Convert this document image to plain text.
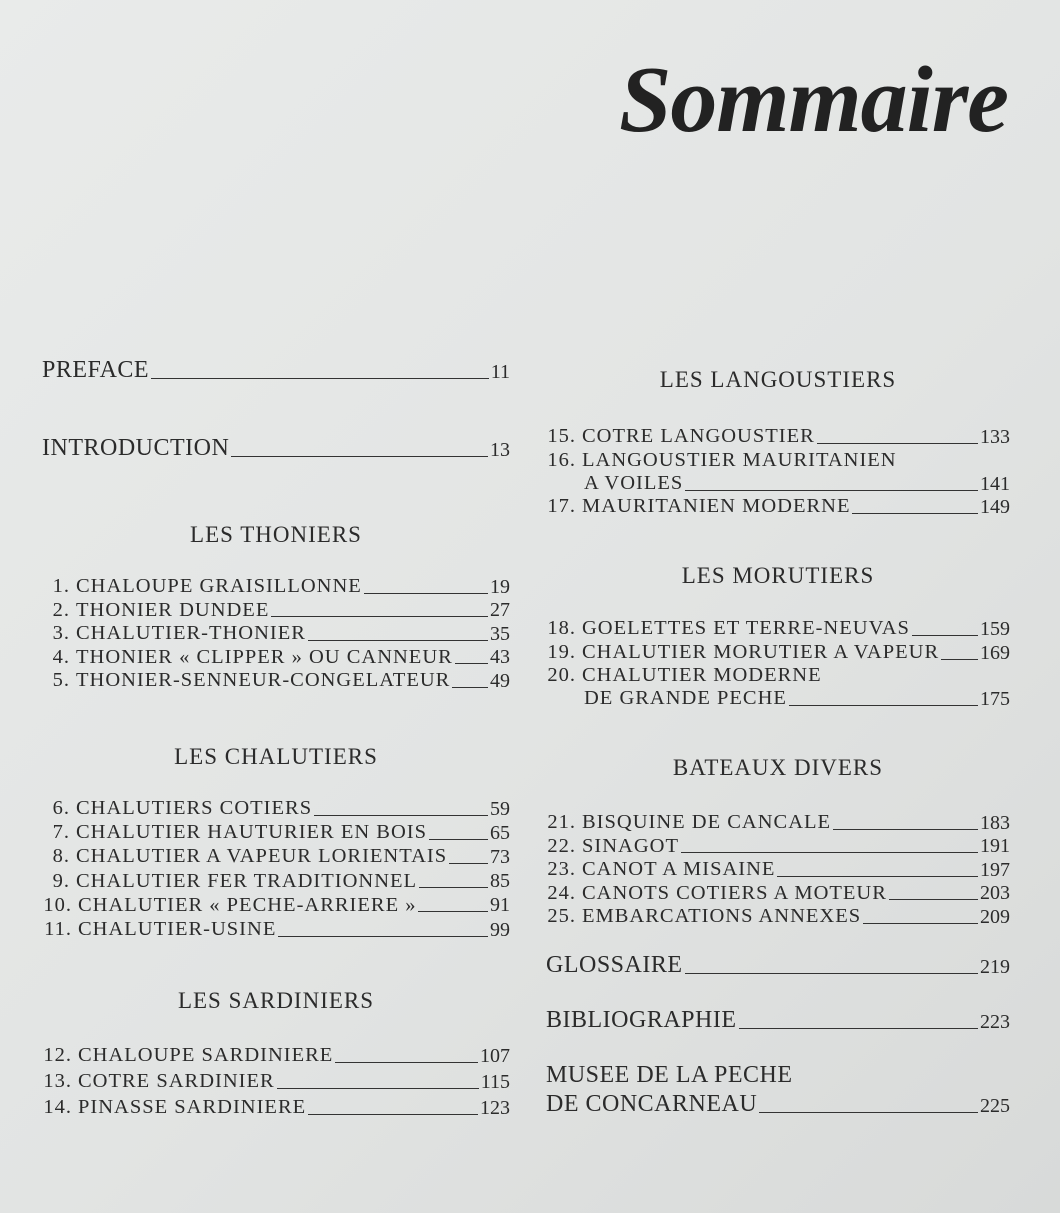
Sommaire
PREFACE	11
INTRODUCTION	13
LES THONIERS
1. CHALOUPE GRAISILLONNE	19
2. THONIER DUNDEE	27
3. CHALUTIER-THONIER	35
4. THONIER « CLIPPER » OU CANNEUR 43
5. THONIER-SENNEUR-CONGELATEUR 49
LES CHALUTIERS
6. CHALUTIERS COTIERS	59
7. CHALUTIER HAUTURIER EN BOIS	65
8. CHALUTIER A VAPEUR LORIENTAIS 73
9. CHALUTIER FER TRADITIONNEL	85
10. CHALUTIER « PECHE-ARRIERE »	91
11. CHALUTIER-USINE	99
LES SARDINIERS
12. CHALOUPE SARDINIERE	107
13. COTRE SARDINIER	115
14. PINASSE SARDINIERE	123
LES LANGOUSTIERS
15. COTRE LANGOUSTIER	133
16. LANGOUSTIER MAURITANIEN
A VOILES	141
17. MAURITANIEN MODERNE	149
LES MORUTIERS
18. GOELETTES ET TERRE-NEUVAS	159
19. CHALUTIER MORUTIER A VAPEUR 169
20. CHALUTIER MODERNE
DE GRANDE PECHE	175
BATEAUX DIVERS
21. BISQUINE DE CANCALE	183
22. SINAGOT	191
23. CANOT A MISAINE	197
24. CANOTS COTIERS A MOTEUR	203
25. EMBARCATIONS ANNEXES	209
GLOSSAIRE	219
BIBLIOGRAPHIE	223
MUSEE DE LA PECHE
DE CONCARNEAU	225
